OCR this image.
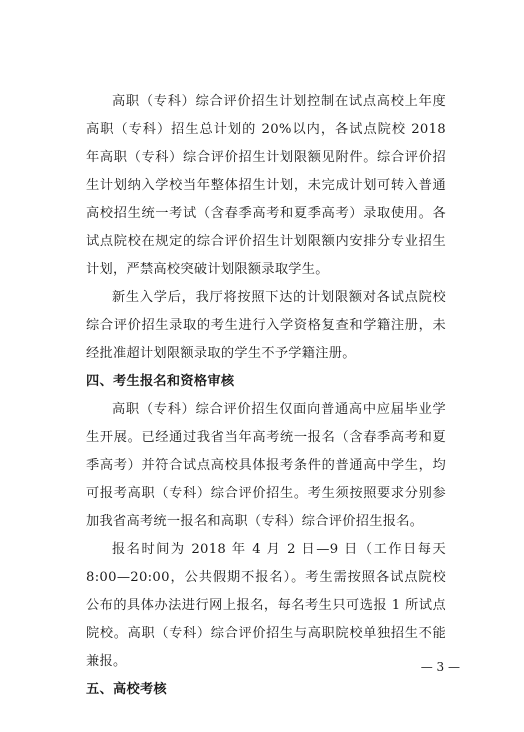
高职（专科）综合评价招生计划控制在试点高校上年度高职（专科）招生总计划的 20%以内，各试点院校 2018 年高职（专科）综合评价招生计划限额见附件。综合评价招生计划纳入学校当年整体招生计划，未完成计划可转入普通高校招生统一考试（含春季高考和夏季高考）录取使用。各试点院校在规定的综合评价招生计划限额内安排分专业招生计划，严禁高校突破计划限额录取学生。

新生入学后，我厅将按照下达的计划限额对各试点院校综合评价招生录取的考生进行入学资格复查和学籍注册，未经批准超计划限额录取的学生不予学籍注册。

四、考生报名和资格审核

高职（专科）综合评价招生仅面向普通高中应届毕业学生开展。已经通过我省当年高考统一报名（含春季高考和夏季高考）并符合试点高校具体报考条件的普通高中学生，均可报考高职（专科）综合评价招生。考生须按照要求分别参加我省高考统一报名和高职（专科）综合评价招生报名。

报名时间为 2018 年 4 月 2 日—9 日（工作日每天 8:00—20:00，公共假期不报名）。考生需按照各试点院校公布的具体办法进行网上报名，每名考生只可选报 1 所试点院校。高职（专科）综合评价招生与高职院校单独招生不能兼报。

五、高校考核

— 3 —
